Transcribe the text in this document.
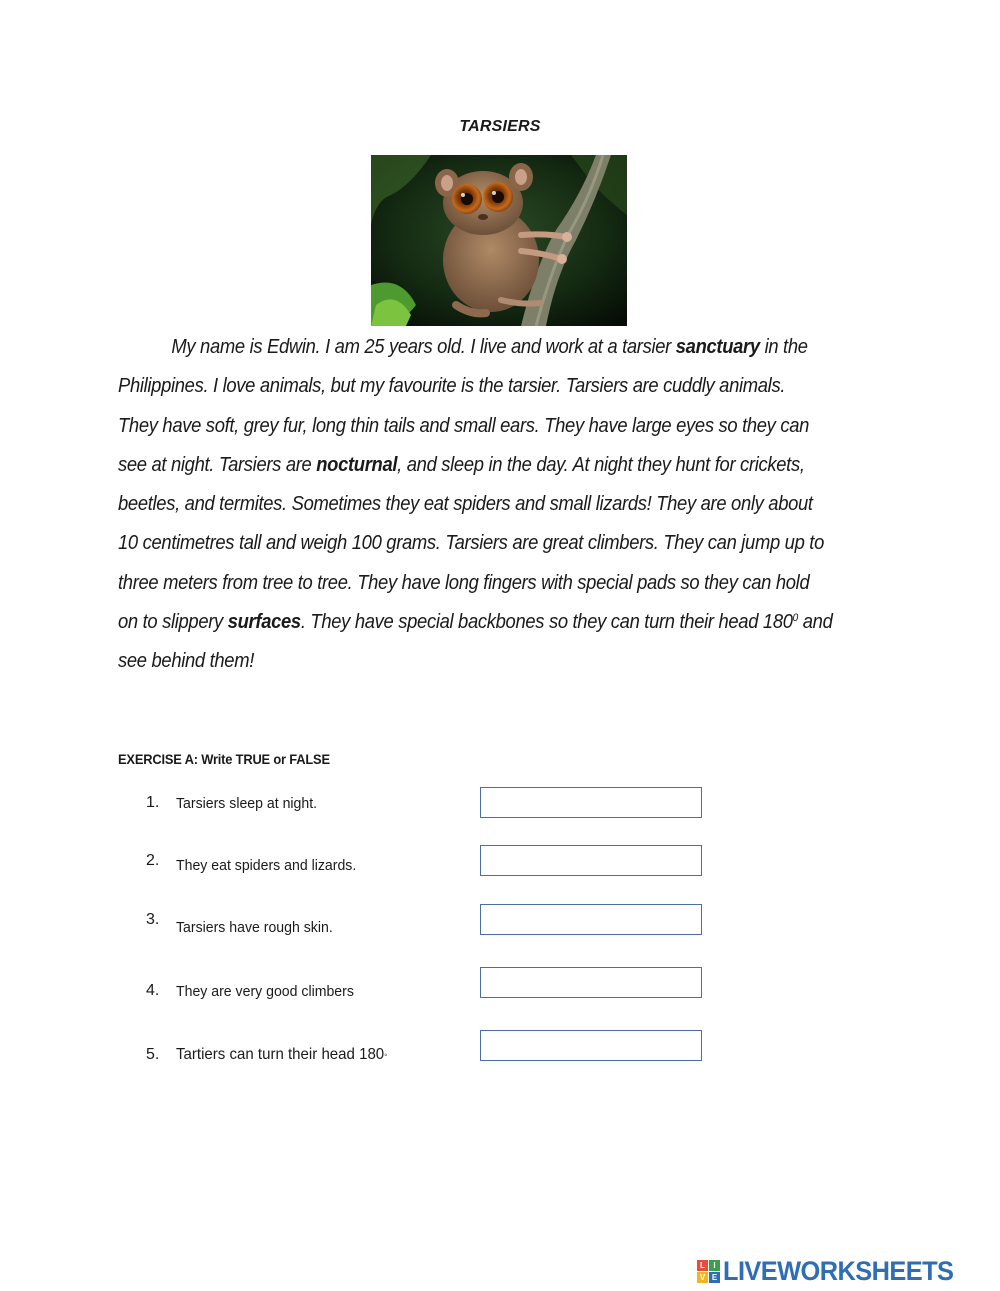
TARSIERS
My name is Edwin. I am 25 years old. I live and work at a tarsier sanctuary in the
Philippines. I love animals, but my favourite is the tarsier. Tarsiers are cuddly animals.
They have soft, grey fur, long thin tails and small ears. They have large eyes so they can
see at night. Tarsiers are nocturnal, and sleep in the day. At night they hunt for crickets,
beetles, and termites. Sometimes they eat spiders and small lizards! They are only about
10 centimetres tall and weigh 100 grams. Tarsiers are great climbers. They can jump up to
three meters from tree to tree. They have long fingers with special pads so they can hold
on to slippery surfaces. They have special backbones so they can turn their head $180^0$ and
see behind them!
EXERCISE A: Write TRUE or FALSE
1.	Tarsiers sleep at night.
2.	They eat spiders and lizards.
3.	Tarsiers have rough skin.
4.	They are very good climbers
5.	Tartiers can turn their head 180◦
L	I
V E LIVEWORKSHEETS
